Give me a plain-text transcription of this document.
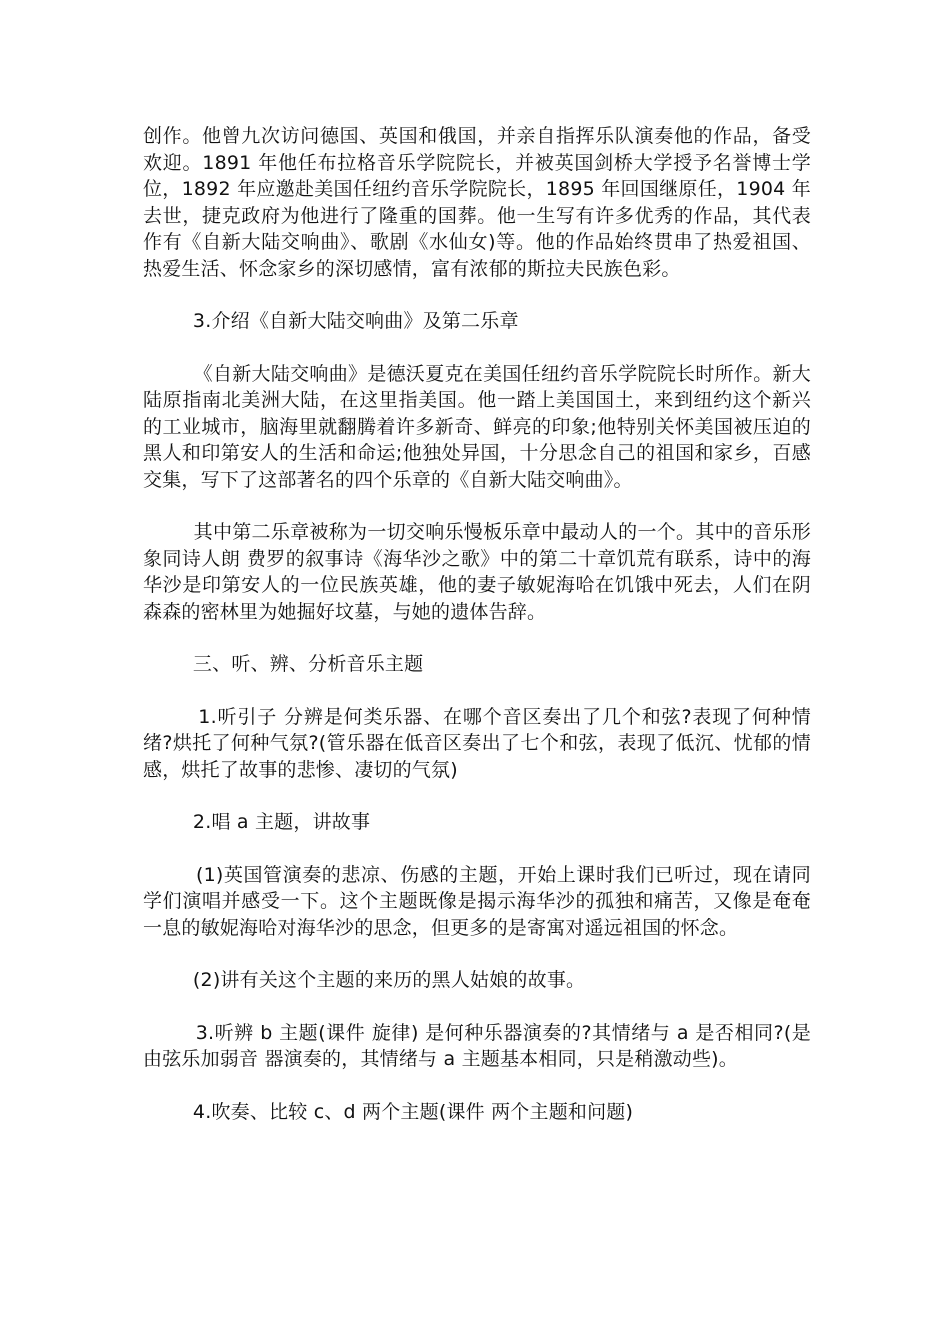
创作。他曾九次访问德国、英国和俄国，并亲自指挥乐队演奏他的作品，备受欢迎。1891 年他任布拉格音乐学院院长，并被英国剑桥大学授予名誉博士学位，1892 年应邀赴美国任纽约音乐学院院长，1895 年回国继原任，1904 年去世，捷克政府为他进行了隆重的国葬。他一生写有许多优秀的作品，其代表作有《自新大陆交响曲》、歌剧《水仙女)等。他的作品始终贯串了热爱祖国、热爱生活、怀念家乡的深切感情，富有浓郁的斯拉夫民族色彩。

3.介绍《自新大陆交响曲》及第二乐章

《自新大陆交响曲》是德沃夏克在美国任纽约音乐学院院长时所作。新大陆原指南北美洲大陆，在这里指美国。他一踏上美国国土，来到纽约这个新兴的工业城市，脑海里就翻腾着许多新奇、鲜亮的印象;他特别关怀美国被压迫的黑人和印第安人的生活和命运;他独处异国，十分思念自己的祖国和家乡，百感交集，写下了这部著名的四个乐章的《自新大陆交响曲》。

其中第二乐章被称为一切交响乐慢板乐章中最动人的一个。其中的音乐形象同诗人朗 费罗的叙事诗《海华沙之歌》中的第二十章饥荒有联系，诗中的海华沙是印第安人的一位民族英雄，他的妻子敏妮海哈在饥饿中死去，人们在阴森森的密林里为她掘好坟墓，与她的遗体告辞。

三、听、辨、分析音乐主题

1.听引子 分辨是何类乐器、在哪个音区奏出了几个和弦?表现了何种情绪?烘托了何种气氛?(管乐器在低音区奏出了七个和弦，表现了低沉、忧郁的情感，烘托了故事的悲惨、凄切的气氛)

2.唱 a 主题，讲故事

(1)英国管演奏的悲凉、伤感的主题，开始上课时我们已听过，现在请同学们演唱并感受一下。这个主题既像是揭示海华沙的孤独和痛苦，又像是奄奄一息的敏妮海哈对海华沙的思念，但更多的是寄寓对遥远祖国的怀念。

(2)讲有关这个主题的来历的黑人姑娘的故事。

3.听辨 b 主题(课件 旋律) 是何种乐器演奏的?其情绪与 a 是否相同?(是由弦乐加弱音 器演奏的，其情绪与 a 主题基本相同，只是稍激动些)。

4.吹奏、比较 c、d 两个主题(课件 两个主题和问题)
